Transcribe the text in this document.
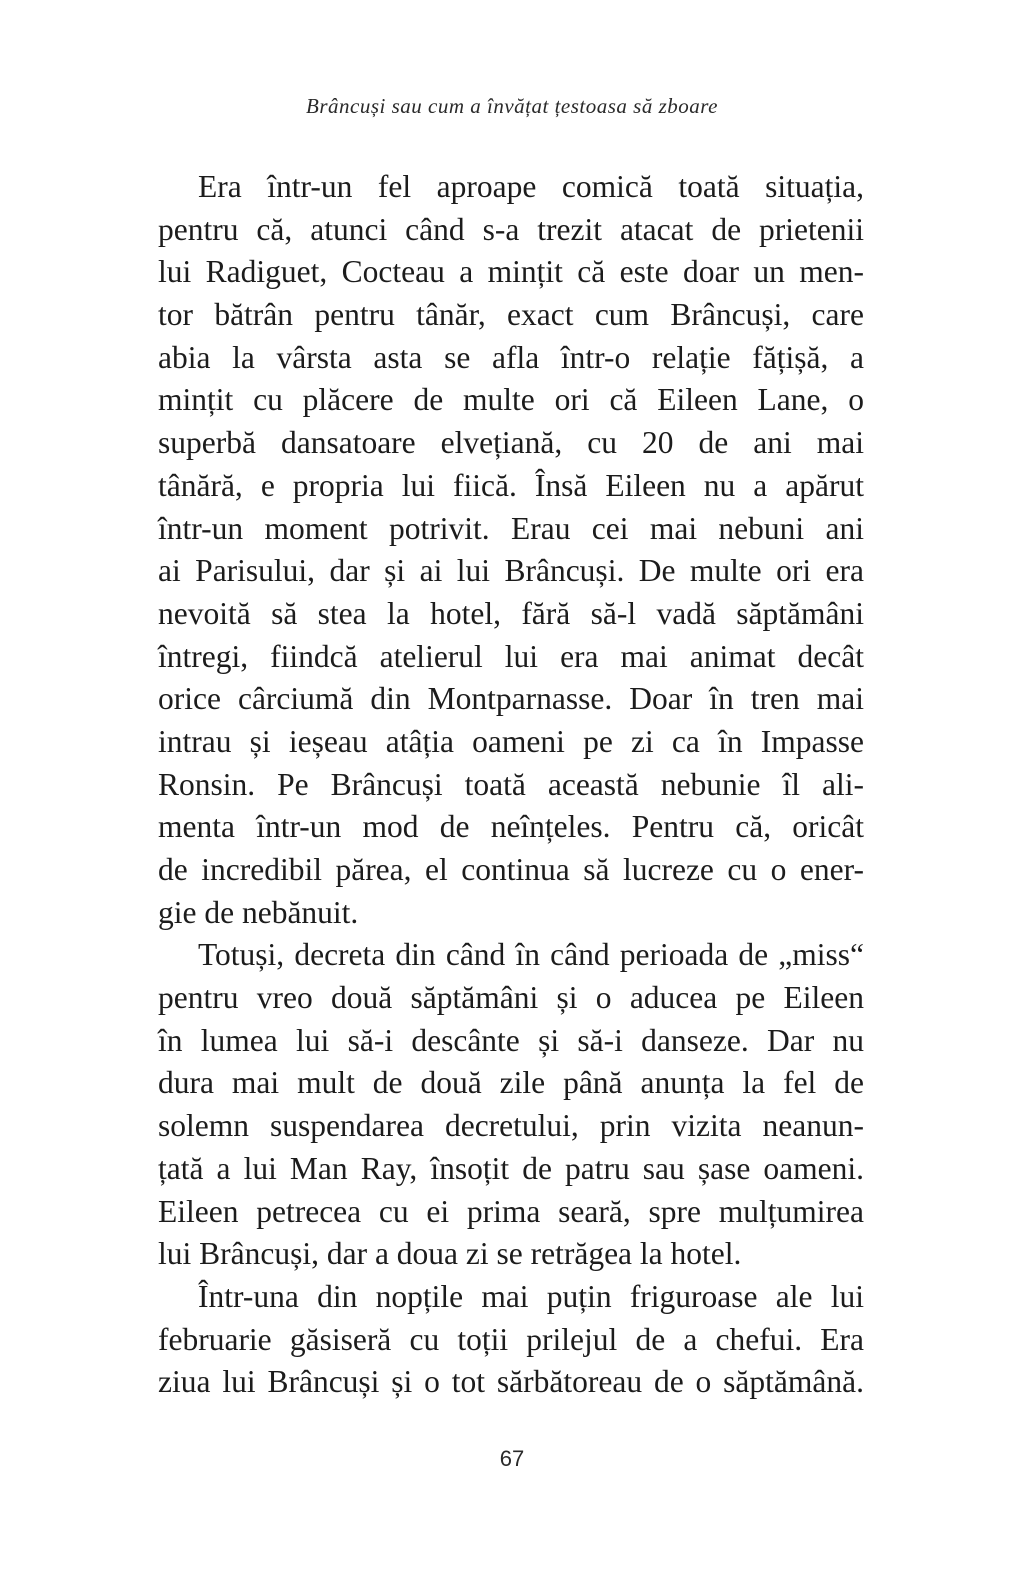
Brâncuși sau cum a învățat țestoasa să zboare
Era într-un fel aproape comică toată situația,
pentru că, atunci când s-a trezit atacat de prietenii
lui Radiguet, Cocteau a mințit că este doar un men-
tor bătrân pentru tânăr, exact cum Brâncuși, care
abia la vârsta asta se afla într-o relație fățișă, a
mințit cu plăcere de multe ori că Eileen Lane, o
superbă dansatoare elvețiană, cu 20 de ani mai
tânără, e propria lui fiică. Însă Eileen nu a apărut
într-un moment potrivit. Erau cei mai nebuni ani
ai Parisului, dar și ai lui Brâncuși. De multe ori era
nevoită să stea la hotel, fără să-l vadă săptămâni
întregi, fiindcă atelierul lui era mai animat decât
orice cârciumă din Montparnasse. Doar în tren mai
intrau și ieșeau atâția oameni pe zi ca în Impasse
Ronsin. Pe Brâncuși toată această nebunie îl ali-
menta într-un mod de neînțeles. Pentru că, oricât
de incredibil părea, el continua să lucreze cu o ener-
gie de nebănuit.
Totuși, decreta din când în când perioada de „miss“
pentru vreo două săptămâni și o aducea pe Eileen
în lumea lui să-i descânte și să-i danseze. Dar nu
dura mai mult de două zile până anunța la fel de
solemn suspendarea decretului, prin vizita neanun-
țată a lui Man Ray, însoțit de patru sau șase oameni.
Eileen petrecea cu ei prima seară, spre mulțumirea
lui Brâncuși, dar a doua zi se retrăgea la hotel.
Într-una din nopțile mai puțin friguroase ale lui
februarie găsiseră cu toții prilejul de a chefui. Era
ziua lui Brâncuși și o tot sărbătoreau de o săptămână.
67
